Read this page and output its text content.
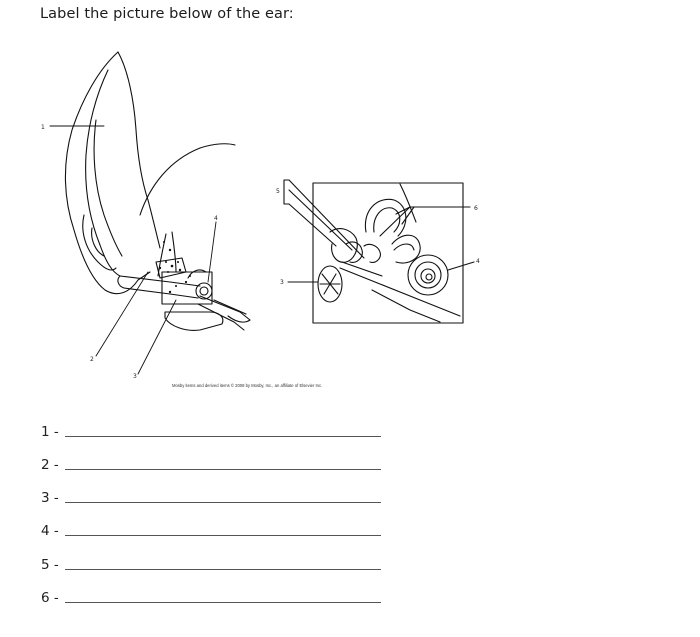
Label the picture below of the ear:
1
2
3
4
5
6
4
3
Mosby items and derived items © 2008 by Mosby, Inc., an affiliate of Elsevier Inc.
1 -
2 -
3 -
4 -
5 -
6 -
